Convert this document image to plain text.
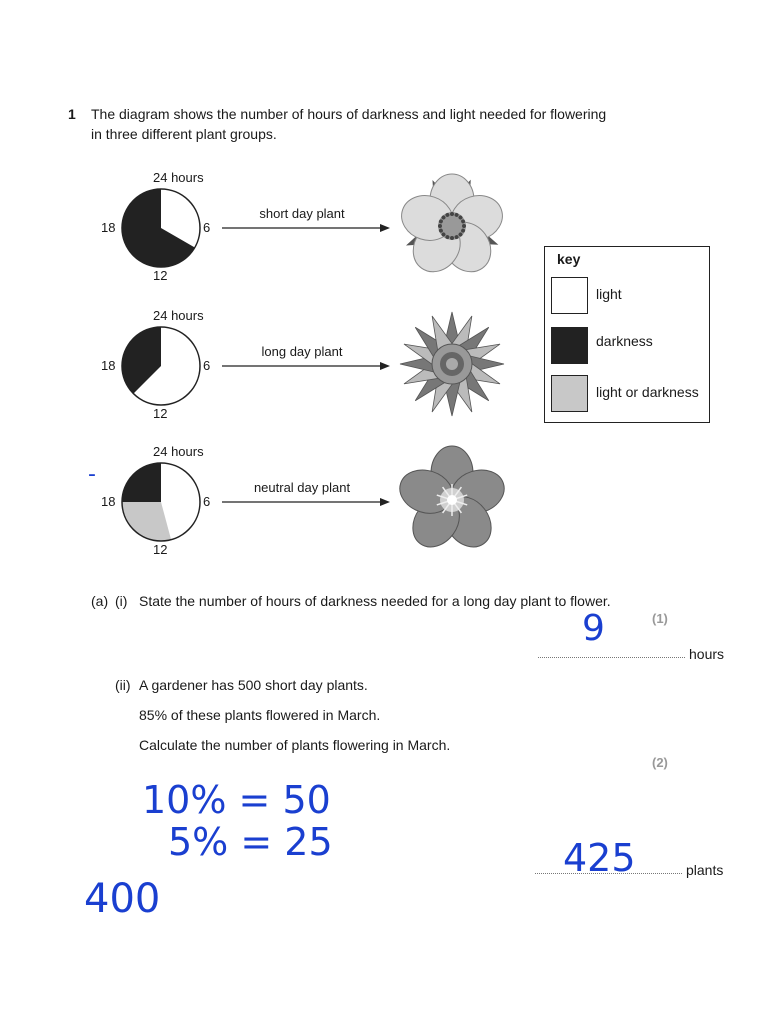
1 The diagram shows the number of hours of darkness and light needed for flowering
in three different plant groups.
24 hours
6
12
18
short day plant
24 hours
6
12
18
long day plant
24 hours
6
12
18
neutral day plant
key
light
darkness
light or darkness
-
(a) (i) State the number of hours of darkness needed for a long day plant to flower.
(1)
9
hours
(ii) A gardener has 500 short day plants.
85% of these plants flowered in March.
Calculate the number of plants flowering in March.
(2)
10% = 50
5% = 25
400
425	plants
